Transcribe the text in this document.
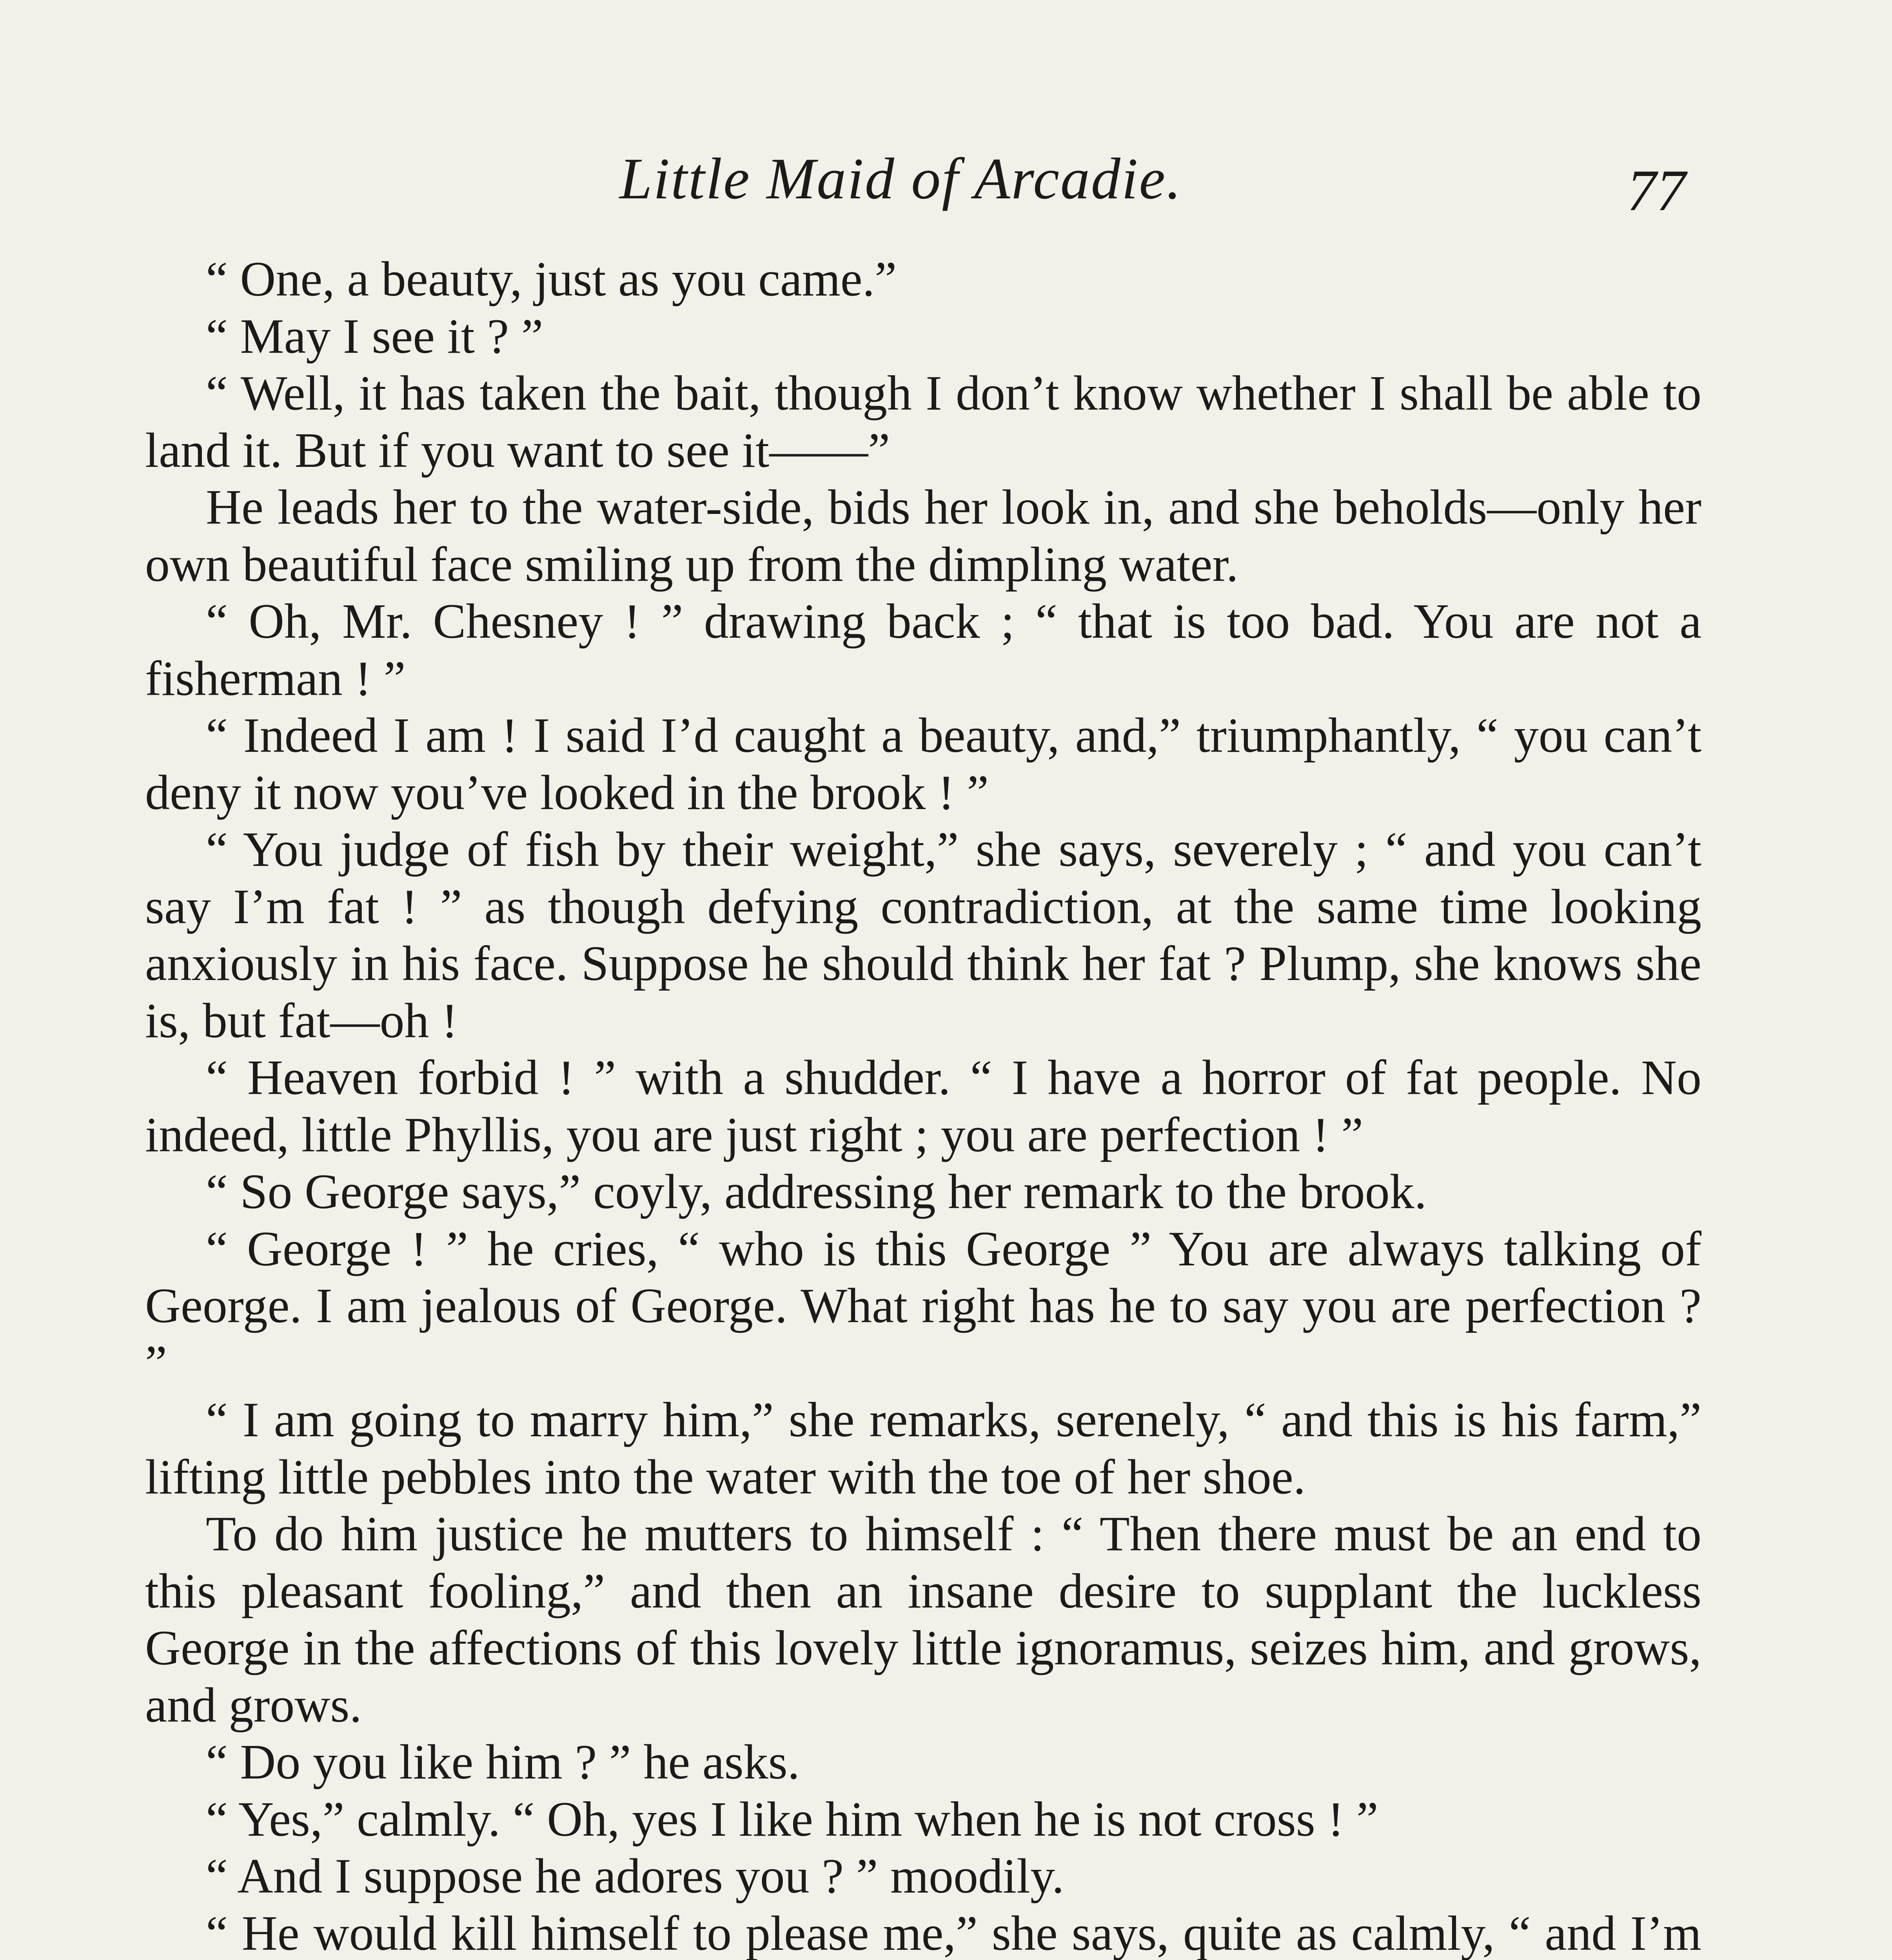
Little Maid of Arcadie.	77

“ One, a beauty, just as you came.”

“ May I see it ? ”

“ Well, it has taken the bait, though I don’t know whether I shall be able to land it. But if you want to see it——”

He leads her to the water-side, bids her look in, and she beholds—only her own beautiful face smiling up from the dimpling water.

“ Oh, Mr. Chesney ! ” drawing back ; “ that is too bad. You are not a fisherman ! ”

“ Indeed I am ! I said I’d caught a beauty, and,” triumphantly, “ you can’t deny it now you’ve looked in the brook ! ”

“ You judge of fish by their weight,” she says, severely ; “ and you can’t say I’m fat ! ” as though defying contradiction, at the same time looking anxiously in his face. Suppose he should think her fat ? Plump, she knows she is, but fat—oh !

“ Heaven forbid ! ” with a shudder. “ I have a horror of fat people. No indeed, little Phyllis, you are just right ; you are perfection ! ”

“ So George says,” coyly, addressing her remark to the brook.

“ George ! ” he cries, “ who is this George ” You are always talking of George. I am jealous of George. What right has he to say you are perfection ? ”

“ I am going to marry him,” she remarks, serenely, “ and this is his farm,” lifting little pebbles into the water with the toe of her shoe.

To do him justice he mutters to himself : “ Then there must be an end to this pleasant fooling,” and then an insane desire to supplant the luckless George in the affections of this lovely little ignoramus, seizes him, and grows, and grows.

“ Do you like him ? ” he asks.

“ Yes,” calmly. “ Oh, yes I like him when he is not cross ! ”

“ And I suppose he adores you ? ” moodily.

“ He would kill himself to please me,” she says, quite as calmly, “ and I’m
